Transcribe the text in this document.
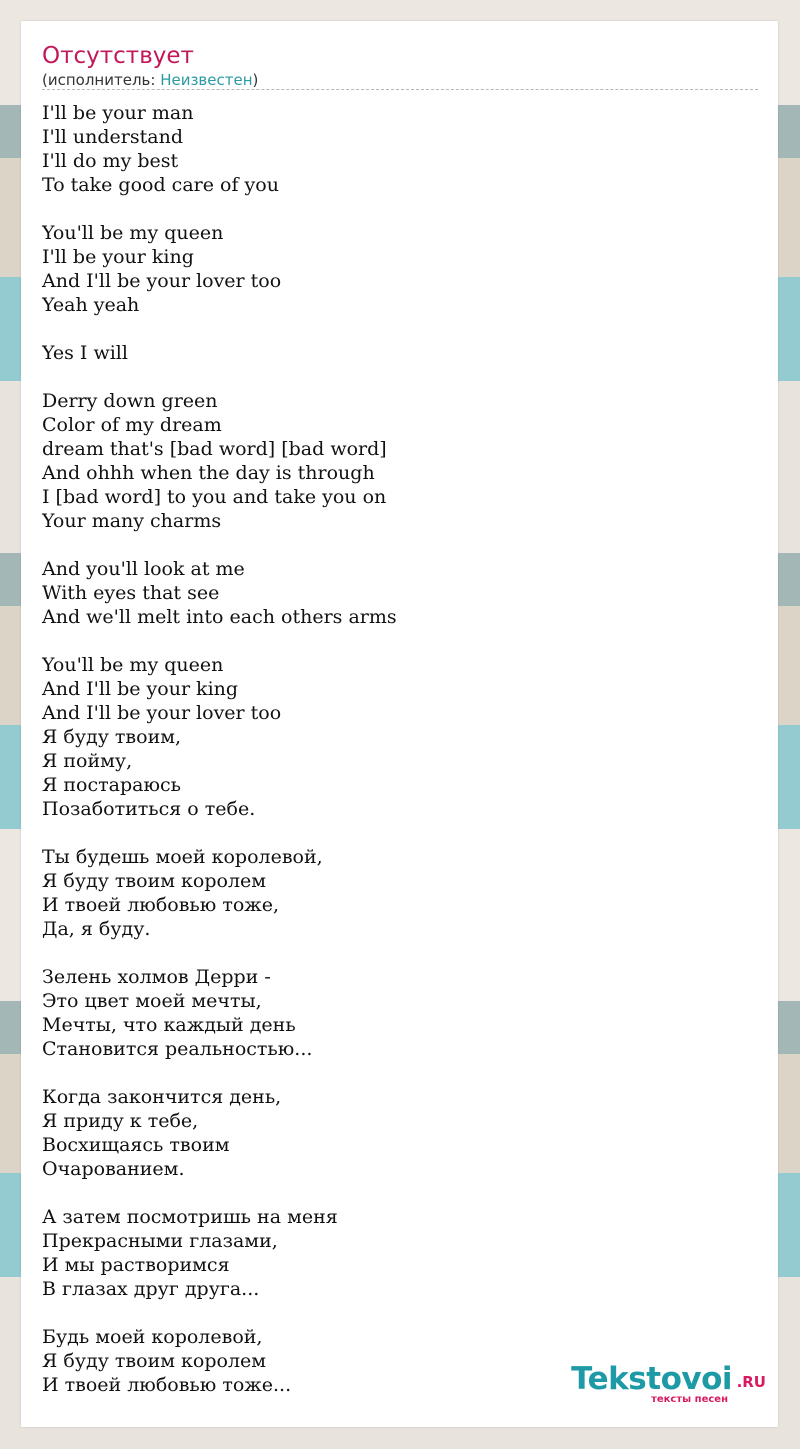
Отсутствует
(исполнитель: Неизвестен)
I'll be your man
I'll understand
I'll do my best
To take good care of you

You'll be my queen
I'll be your king
And I'll be your lover too
Yeah yeah

Yes I will

Derry down green
Color of my dream
dream that's [bad word] [bad word]
And ohhh when the day is through
I [bad word] to you and take you on
Your many charms

And you'll look at me
With eyes that see
And we'll melt into each others arms

You'll be my queen
And I'll be your king
And I'll be your lover too
Я буду твоим,
Я пойму,
Я постараюсь
Позаботиться о тебе.

Ты будешь моей королевой,
Я буду твоим королем
И твоей любовью тоже,
Да, я буду.

Зелень холмов Дерри -
Это цвет моей мечты,
Мечты, что каждый день
Становится реальностью...

Когда закончится день,
Я приду к тебе,
Восхищаясь твоим
Очарованием.

А затем посмотришь на меня
Прекрасными глазами,
И мы растворимся
В глазах друг друга...

Будь моей королевой,
Я буду твоим королем
И твоей любовью тоже...	Tekstovoi .RU
тексты песен
